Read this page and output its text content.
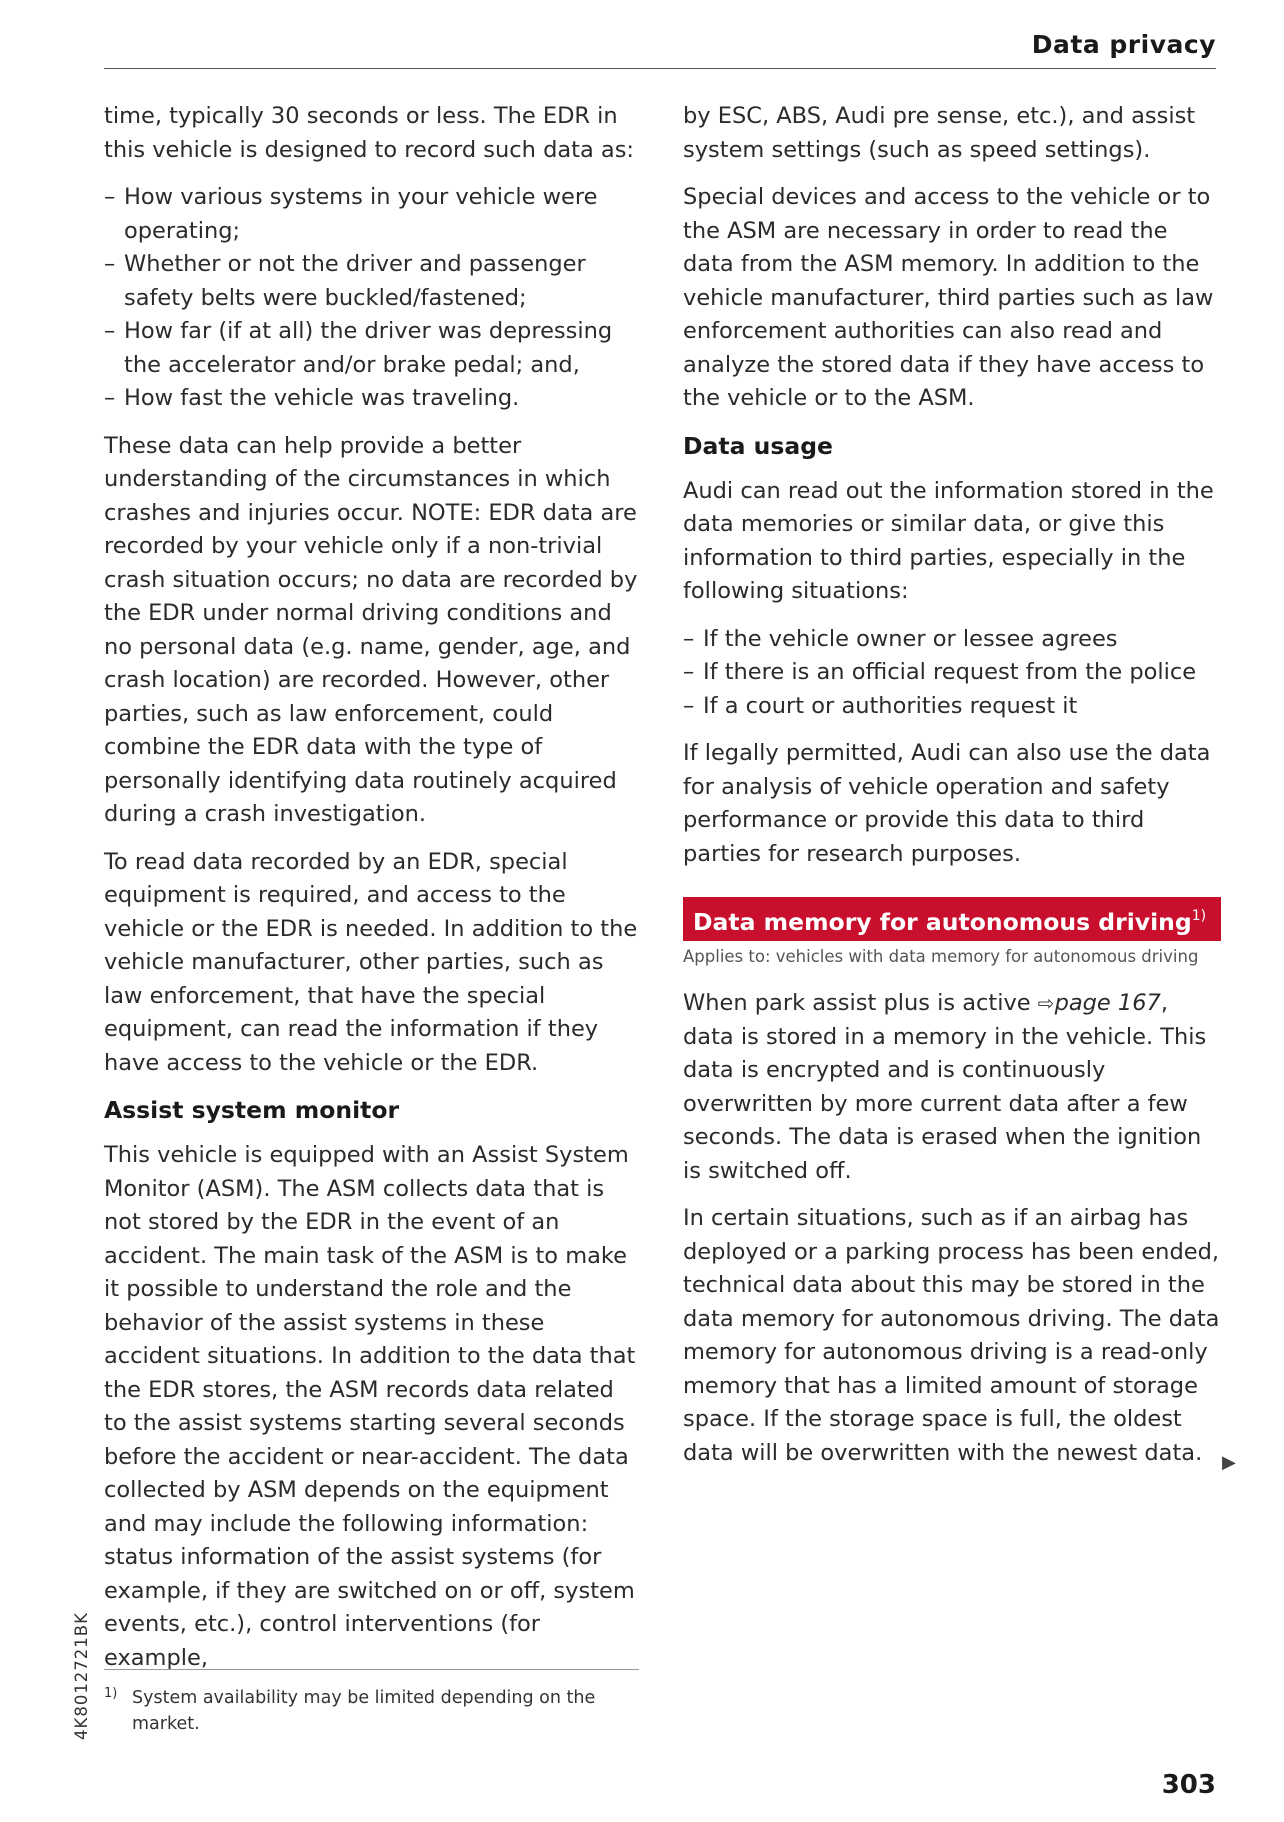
Data privacy

time, typically 30 seconds or less. The EDR in this vehicle is designed to record such data as:

– How various systems in your vehicle were operating;
– Whether or not the driver and passenger safety belts were buckled/fastened;
– How far (if at all) the driver was depressing the accelerator and/or brake pedal; and,
– How fast the vehicle was traveling.

These data can help provide a better understanding of the circumstances in which crashes and injuries occur. NOTE: EDR data are recorded by your vehicle only if a non-trivial crash situation occurs; no data are recorded by the EDR under normal driving conditions and no personal data (e.g. name, gender, age, and crash location) are recorded. However, other parties, such as law enforcement, could combine the EDR data with the type of personally identifying data routinely acquired during a crash investigation.

To read data recorded by an EDR, special equipment is required, and access to the vehicle or the EDR is needed. In addition to the vehicle manufacturer, other parties, such as law enforcement, that have the special equipment, can read the information if they have access to the vehicle or the EDR.

Assist system monitor

This vehicle is equipped with an Assist System Monitor (ASM). The ASM collects data that is not stored by the EDR in the event of an accident. The main task of the ASM is to make it possible to understand the role and the behavior of the assist systems in these accident situations. In addition to the data that the EDR stores, the ASM records data related to the assist systems starting several seconds before the accident or near-accident. The data collected by ASM depends on the equipment and may include the following information: status information of the assist systems (for example, if they are switched on or off, system events, etc.), control interventions (for example,

by ESC, ABS, Audi pre sense, etc.), and assist system settings (such as speed settings).

Special devices and access to the vehicle or to the ASM are necessary in order to read the data from the ASM memory. In addition to the vehicle manufacturer, third parties such as law enforcement authorities can also read and analyze the stored data if they have access to the vehicle or to the ASM.

Data usage

Audi can read out the information stored in the data memories or similar data, or give this information to third parties, especially in the following situations:

– If the vehicle owner or lessee agrees
– If there is an official request from the police
– If a court or authorities request it

If legally permitted, Audi can also use the data for analysis of vehicle operation and safety performance or provide this data to third parties for research purposes.

Data memory for autonomous driving$^{1)}$

Applies to: vehicles with data memory for autonomous driving

When park assist plus is active ⇨page 167, data is stored in a memory in the vehicle. This data is encrypted and is continuously overwritten by more current data after a few seconds. The data is erased when the ignition is switched off.

In certain situations, such as if an airbag has deployed or a parking process has been ended, technical data about this may be stored in the data memory for autonomous driving. The data memory for autonomous driving is a read-only memory that has a limited amount of storage space. If the storage space is full, the oldest data will be overwritten with the newest data.	▶
1) System availability may be limited depending on the market.
4K8012721BK
303
